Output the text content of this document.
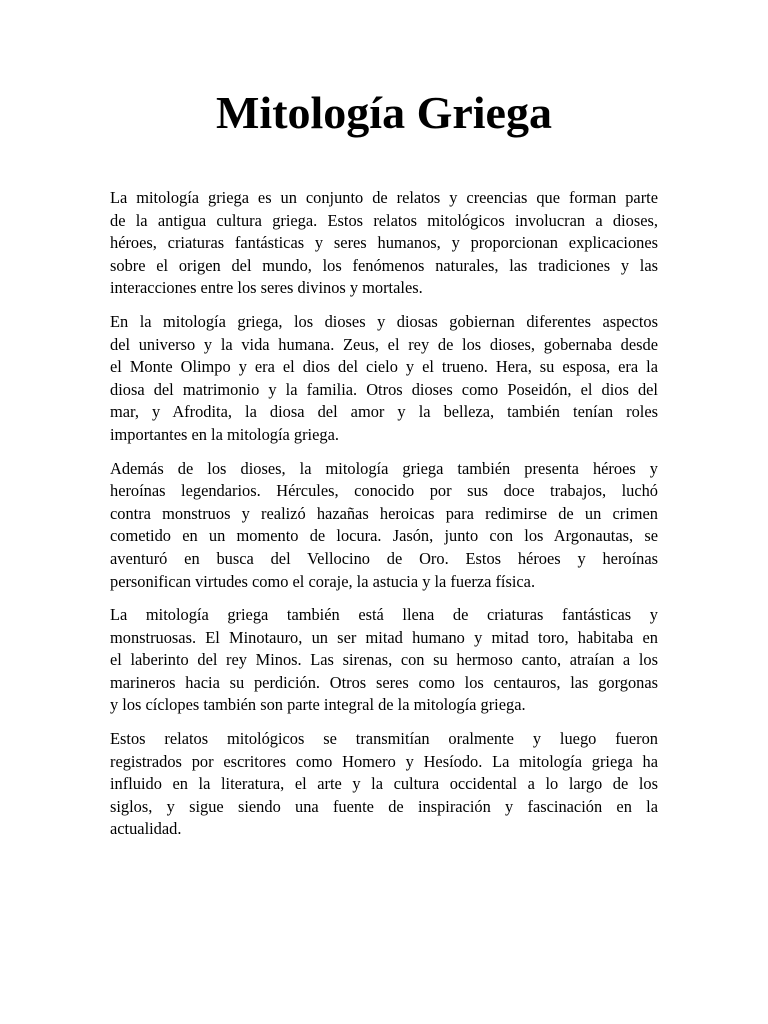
Mitología Griega

La mitología griega es un conjunto de relatos y creencias que forman parte
de la antigua cultura griega. Estos relatos mitológicos involucran a dioses,
héroes, criaturas fantásticas y seres humanos, y proporcionan explicaciones
sobre el origen del mundo, los fenómenos naturales, las tradiciones y las
interacciones entre los seres divinos y mortales.

En la mitología griega, los dioses y diosas gobiernan diferentes aspectos
del universo y la vida humana. Zeus, el rey de los dioses, gobernaba desde
el Monte Olimpo y era el dios del cielo y el trueno. Hera, su esposa, era la
diosa del matrimonio y la familia. Otros dioses como Poseidón, el dios del
mar, y Afrodita, la diosa del amor y la belleza, también tenían roles
importantes en la mitología griega.

Además de los dioses, la mitología griega también presenta héroes y
heroínas legendarios. Hércules, conocido por sus doce trabajos, luchó
contra monstruos y realizó hazañas heroicas para redimirse de un crimen
cometido en un momento de locura. Jasón, junto con los Argonautas, se
aventuró en busca del Vellocino de Oro. Estos héroes y heroínas
personifican virtudes como el coraje, la astucia y la fuerza física.

La mitología griega también está llena de criaturas fantásticas y
monstruosas. El Minotauro, un ser mitad humano y mitad toro, habitaba en
el laberinto del rey Minos. Las sirenas, con su hermoso canto, atraían a los
marineros hacia su perdición. Otros seres como los centauros, las gorgonas
y los cíclopes también son parte integral de la mitología griega.

Estos relatos mitológicos se transmitían oralmente y luego fueron
registrados por escritores como Homero y Hesíodo. La mitología griega ha
influido en la literatura, el arte y la cultura occidental a lo largo de los
siglos, y sigue siendo una fuente de inspiración y fascinación en la
actualidad.
